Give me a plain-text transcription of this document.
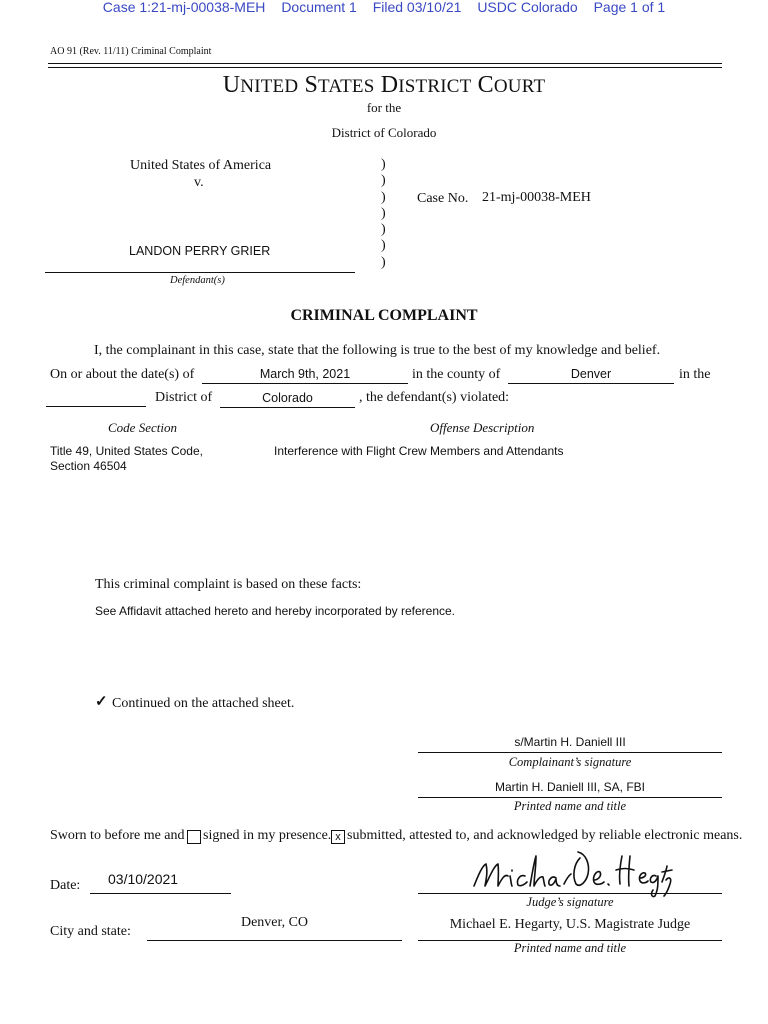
Case 1:21-mj-00038-MEH Document 1 Filed 03/10/21 USDC Colorado Page 1 of 1
AO 91 (Rev. 11/11) Criminal Complaint
UNITED STATES DISTRICT COURT
for the
District of Colorado
United States of America
v.
LANDON PERRY GRIER
Defendant(s)
)
)
)
)
)
)
)
Case No. 21-mj-00038-MEH
CRIMINAL COMPLAINT
I, the complainant in this case, state that the following is true to the best of my knowledge and belief.
On or about the date(s) of	March 9th, 2021	in the county of	Denver	in the
District of	Colorado	, the defendant(s) violated:
Code Section	Offense Description
Title 49, United States Code,
Section 46504
Interference with Flight Crew Members and Attendants
This criminal complaint is based on these facts:
See Affidavit attached hereto and hereby incorporated by reference.
✓ Continued on the attached sheet.
s/Martin H. Daniell III
Complainant’s signature
Martin H. Daniell III, SA, FBI
Printed name and title
Sworn to before me and signed in my presence. x submitted, attested to, and acknowledged by reliable electronic means.
Date: 03/10/2021
Judge’s signature
City and state:
Denver, CO	Michael E. Hegarty, U.S. Magistrate Judge
Printed name and title
